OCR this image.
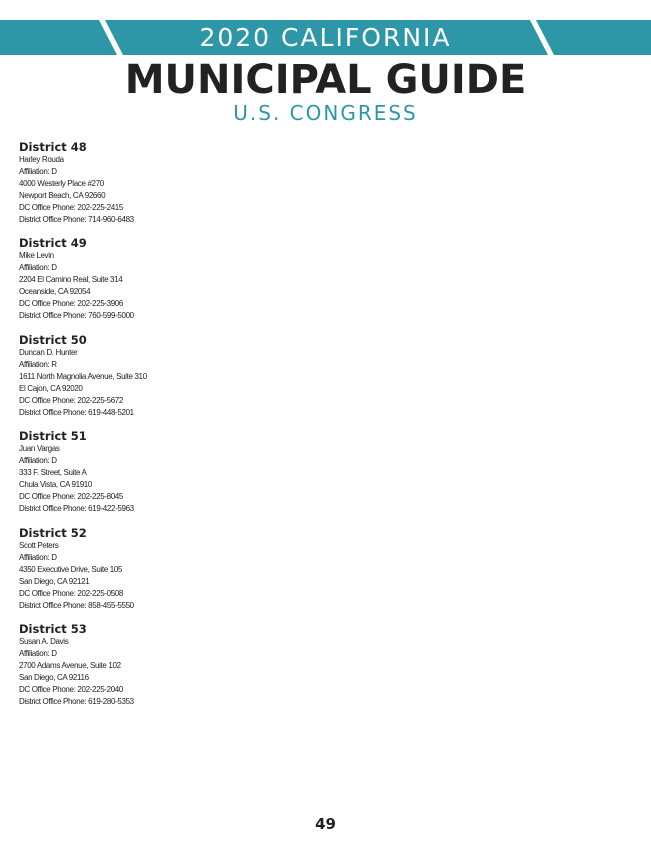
2020 CALIFORNIA
MUNICIPAL GUIDE
U.S. CONGRESS
District 48
Harley Rouda
Affiliation: D
4000 Westerly Place #270
Newport Beach, CA 92660
DC Office Phone: 202-225-2415
District Office Phone: 714-960-6483
District 49
Mike Levin
Affiliation: D
2204 El Camino Real, Suite 314
Oceanside, CA 92054
DC Office Phone: 202-225-3906
District Office Phone: 760-599-5000
District 50
Duncan D. Hunter
Affiliation: R
1611 North Magnolia Avenue, Suite 310
El Cajon, CA 92020
DC Office Phone: 202-225-5672
District Office Phone: 619-448-5201
District 51
Juan Vargas
Affiliation: D
333 F. Street, Suite A
Chula Vista, CA 91910
DC Office Phone: 202-225-8045
District Office Phone: 619-422-5963
District 52
Scott Peters
Affiliation: D
4350 Executive Drive, Suite 105
San Diego, CA 92121
DC Office Phone: 202-225-0508
District Office Phone: 858-455-5550
District 53
Susan A. Davis
Affiliation: D
2700 Adams Avenue, Suite 102
San Diego, CA 92116
DC Office Phone: 202-225-2040
District Office Phone: 619-280-5353
49
